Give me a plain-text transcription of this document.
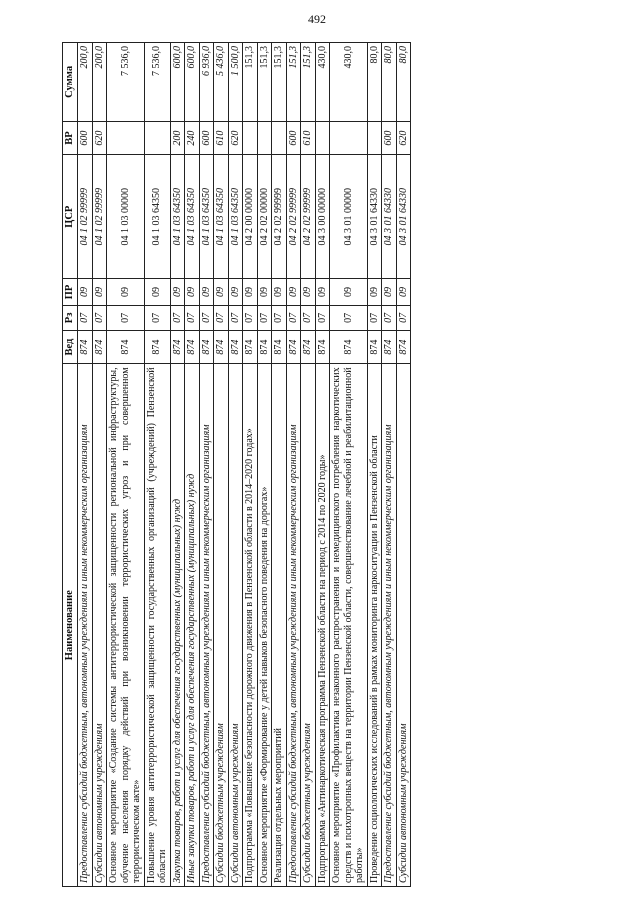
492
Наименование	Вед	Рз	ПР	ЦСР	ВР	Сумма
Предоставление субсидий бюджетным, автономным учреждениям и иным некоммерческим организациям	874	07	09	04 1 02 99999	600	200,0
Субсидии автономным учреждениям	874	07	09	04 1 02 99999	620	200,0
Основное мероприятие «Создание системы антитеррористической защищенности региональной инфраструктуры, обучение населения порядку действий при возникновении террористических угроз и при совершенном террористическом акте»	874	07	09	04 1 03 00000		7 536,0
Повышение уровня антитеррористической защищенности государственных организаций (учреждений) Пензенской области	874	07	09	04 1 03 64350		7 536,0
Закупка товаров, работ и услуг для обеспечения государственных (муниципальных) нужд	874	07	09	04 1 03 64350	200	600,0
Иные закупки товаров, работ и услуг для обеспечения государственных (муниципальных) нужд	874	07	09	04 1 03 64350	240	600,0
Предоставление субсидий бюджетным, автономным учреждениям и иным некоммерческим организациям	874	07	09	04 1 03 64350	600	6 936,0
Субсидии бюджетным учреждениям	874	07	09	04 1 03 64350	610	5 436,0
Субсидии автономным учреждениям	874	07	09	04 1 03 64350	620	1 500,0
Подпрограмма «Повышение безопасности дорожного движения в Пензенской области в 2014–2020 годах»	874	07	09	04 2 00 00000		151,3
Основное мероприятие «Формирование у детей навыков безопасного поведения на дорогах»	874	07	09	04 2 02 00000		151,3
Реализация отдельных мероприятий	874	07	09	04 2 02 99999		151,3
Предоставление субсидий бюджетным, автономным учреждениям и иным некоммерческим организациям	874	07	09	04 2 02 99999	600	151,3
Субсидии бюджетным учреждениям	874	07	09	04 2 02 99999	610	151,3
Подпрограмма «Антинаркотическая программа Пензенской области на период с 2014 по 2020 годы»	874	07	09	04 3 00 00000		430,0
Основное мероприятие «Профилактика незаконного распространения и немедицинского потребления наркотических средств и психотропных веществ на территории Пензенской области, совершенствование лечебной и реабилитационной работы»	874	07	09	04 3 01 00000		430,0
Проведение социологических исследований в рамках мониторинга наркоситуации в Пензенской области	874	07	09	04 3 01 64330		80,0
Предоставление субсидий бюджетным, автономным учреждениям и иным некоммерческим организациям	874	07	09	04 3 01 64330	600	80,0
Субсидии автономным учреждениям	874	07	09	04 3 01 64330	620	80,0
